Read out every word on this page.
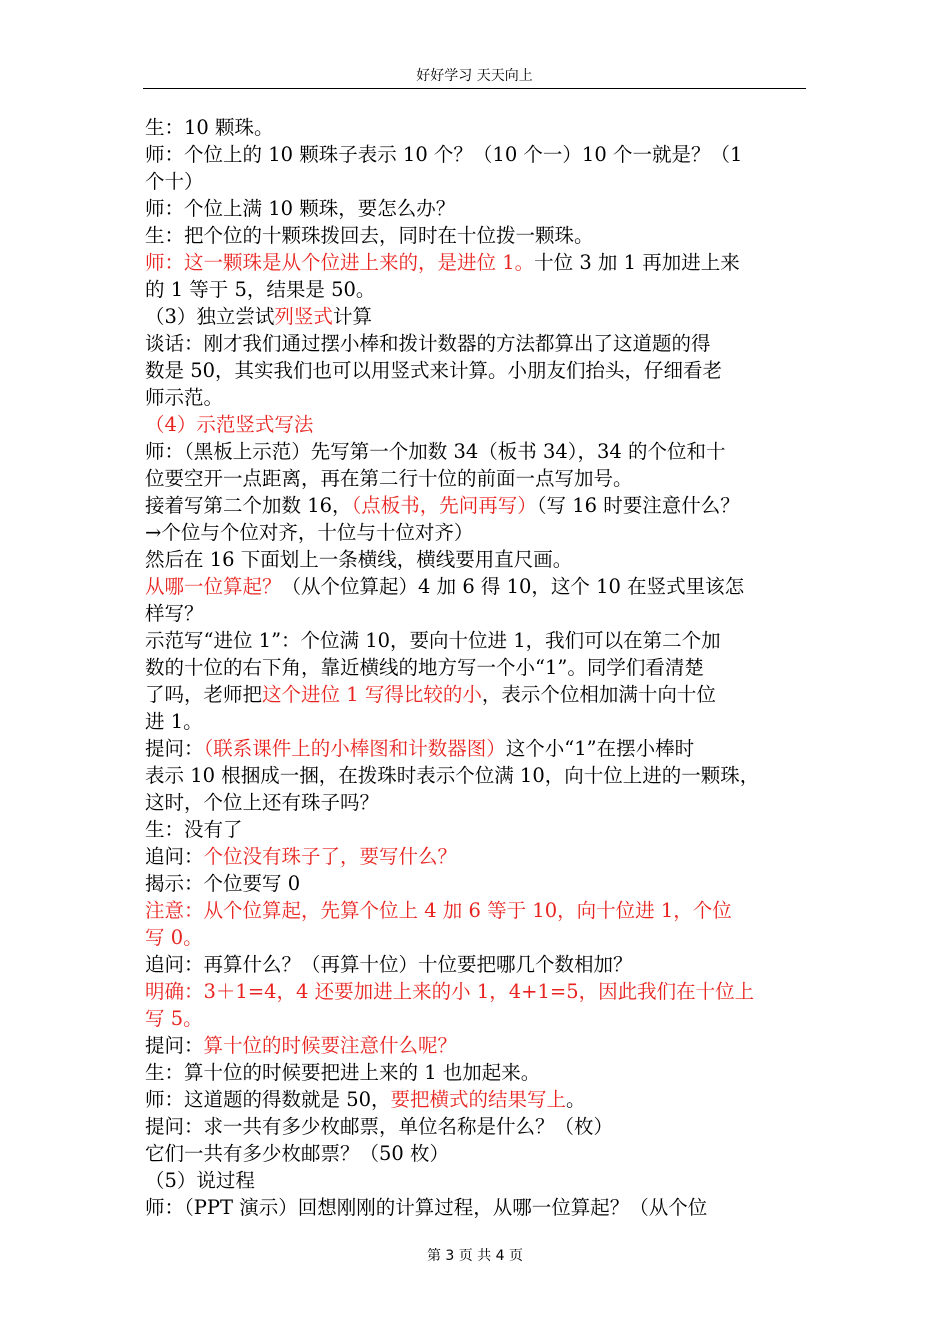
好好学习 天天向上
生：10 颗珠。
师：个位上的 10 颗珠子表示 10 个？（10 个一）10 个一就是？（1
个十）
师：个位上满 10 颗珠，要怎么办？
生：把个位的十颗珠拨回去，同时在十位拨一颗珠。
师：这一颗珠是从个位进上来的，是进位 1。十位 3 加 1 再加进上来
的 1 等于 5，结果是 50。
（3）独立尝试列竖式计算
谈话：刚才我们通过摆小棒和拨计数器的方法都算出了这道题的得
数是 50，其实我们也可以用竖式来计算。小朋友们抬头，仔细看老
师示范。
（4）示范竖式写法
师：（黑板上示范）先写第一个加数 34（板书 34），34 的个位和十
位要空开一点距离，再在第二行十位的前面一点写加号。
接着写第二个加数 16，（点板书，先问再写）（写 16 时要注意什么？
→个位与个位对齐，十位与十位对齐）
然后在 16 下面划上一条横线，横线要用直尺画。
从哪一位算起？（从个位算起）4 加 6 得 10，这个 10 在竖式里该怎
样写？
示范写“进位 1”：个位满 10，要向十位进 1，我们可以在第二个加
数的十位的右下角，靠近横线的地方写一个小“1”。同学们看清楚
了吗，老师把这个进位 1 写得比较的小，表示个位相加满十向十位
进 1。
提问：（联系课件上的小棒图和计数器图）这个小“1”在摆小棒时
表示 10 根捆成一捆，在拨珠时表示个位满 10，向十位上进的一颗珠，
这时，个位上还有珠子吗？
生：没有了
追问：个位没有珠子了，要写什么？
揭示：个位要写 0
注意：从个位算起，先算个位上 4 加 6 等于 10，向十位进 1，个位
写 0。
追问：再算什么？（再算十位）十位要把哪几个数相加？
明确：3＋1=4，4 还要加进上来的小 1，4+1=5，因此我们在十位上
写 5。
提问：算十位的时候要注意什么呢？
生：算十位的时候要把进上来的 1 也加起来。
师：这道题的得数就是 50，要把横式的结果写上。
提问：求一共有多少枚邮票，单位名称是什么？（枚）
它们一共有多少枚邮票？（50 枚）
（5）说过程
师：（PPT 演示）回想刚刚的计算过程，从哪一位算起？（从个位
第 3 页 共 4 页
